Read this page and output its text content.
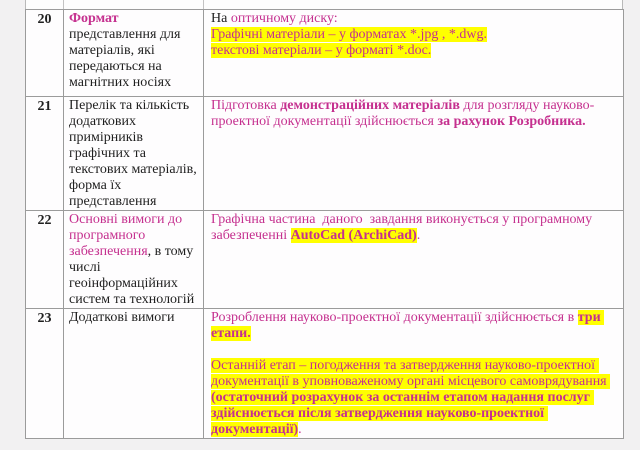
20	Формат представлення для матеріалів, які передаються на магнітних носіях	На оптичному диску:
Графічні матеріали – у форматах *.jpg , *.dwg.
текстові матеріали – у форматі *.doc.
21	Перелік та кількість додаткових примірників графічних та текстових матеріалів, форма їх представлення	Підготовка демонстраційних матеріалів для розгляду науково-проектної документації здійснюється за рахунок Розробника.
22	Основні вимоги до програмного забезпечення, в тому числі геоінформаційних систем та технологій	Графічна частина  даного  завдання виконується у програмному забезпеченні AutoCad (ArchiCad).
23	Додаткові вимоги	Розроблення науково-проектної документації здійснюється в три етапи.

Останній етап – погодження та затвердження науково-проектної документації в уповноваженому органі місцевого самоврядування (остаточний розрахунок за останнім етапом надання послуг здійснюється після затвердження науково-проектної документації).
